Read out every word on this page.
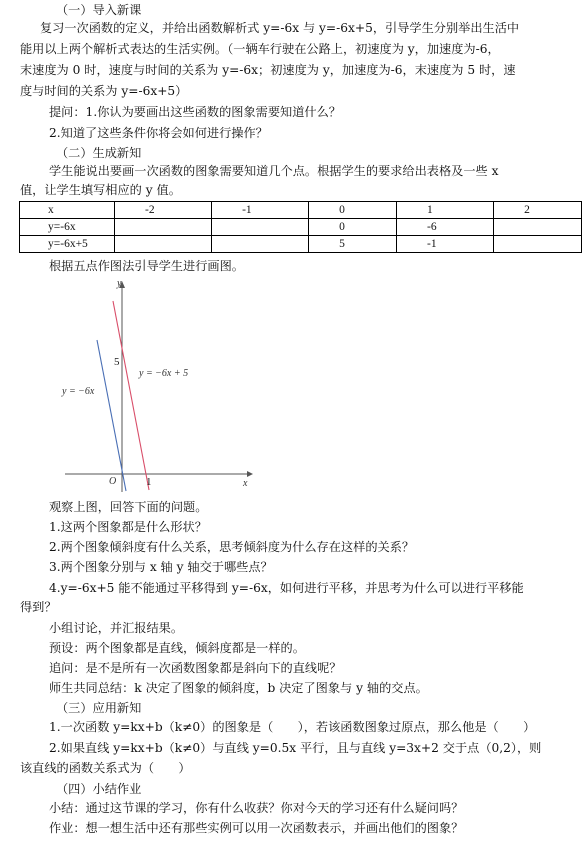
（一）导入新课
复习一次函数的定义，并给出函数解析式 y=-6x 与 y=-6x+5，引导学生分别举出生活中
能用以上两个解析式表达的生活实例。（一辆车行驶在公路上，初速度为 y，加速度为-6，
末速度为 0 时，速度与时间的关系为 y=-6x；初速度为 y，加速度为-6，末速度为 5 时，速
度与时间的关系为 y=-6x+5）
提问：1.你认为要画出这些函数的图象需要知道什么？
2.知道了这些条件你将会如何进行操作？
（二）生成新知
学生能说出要画一次函数的图象需要知道几个点。根据学生的要求给出表格及一些 x
值，让学生填写相应的 y 值。
x	-2	-1	0	1	2
y=-6x			0	-6	
y=-6x+5			5	-1	
根据五点作图法引导学生进行画图。
y
x
O	1
5
y = −6x
y = −6x + 5
观察上图，回答下面的问题。
1.这两个图象都是什么形状？
2.两个图象倾斜度有什么关系，思考倾斜度为什么存在这样的关系？
3.两个图象分别与 x 轴 y 轴交于哪些点？
4.y=-6x+5 能不能通过平移得到 y=-6x，如何进行平移，并思考为什么可以进行平移能
得到？
小组讨论，并汇报结果。
预设：两个图象都是直线，倾斜度都是一样的。
追问：是不是所有一次函数图象都是斜向下的直线呢？
师生共同总结：k 决定了图象的倾斜度，b 决定了图象与 y 轴的交点。
（三）应用新知
1.一次函数 y=kx+b（k≠0）的图象是（　　），若该函数图象过原点，那么他是（　　）
2.如果直线 y=kx+b（k≠0）与直线 y=0.5x 平行，且与直线 y=3x+2 交于点（0,2），则
该直线的函数关系式为（　　）
（四）小结作业
小结：通过这节课的学习，你有什么收获？你对今天的学习还有什么疑问吗？
作业：想一想生活中还有那些实例可以用一次函数表示，并画出他们的图象？
